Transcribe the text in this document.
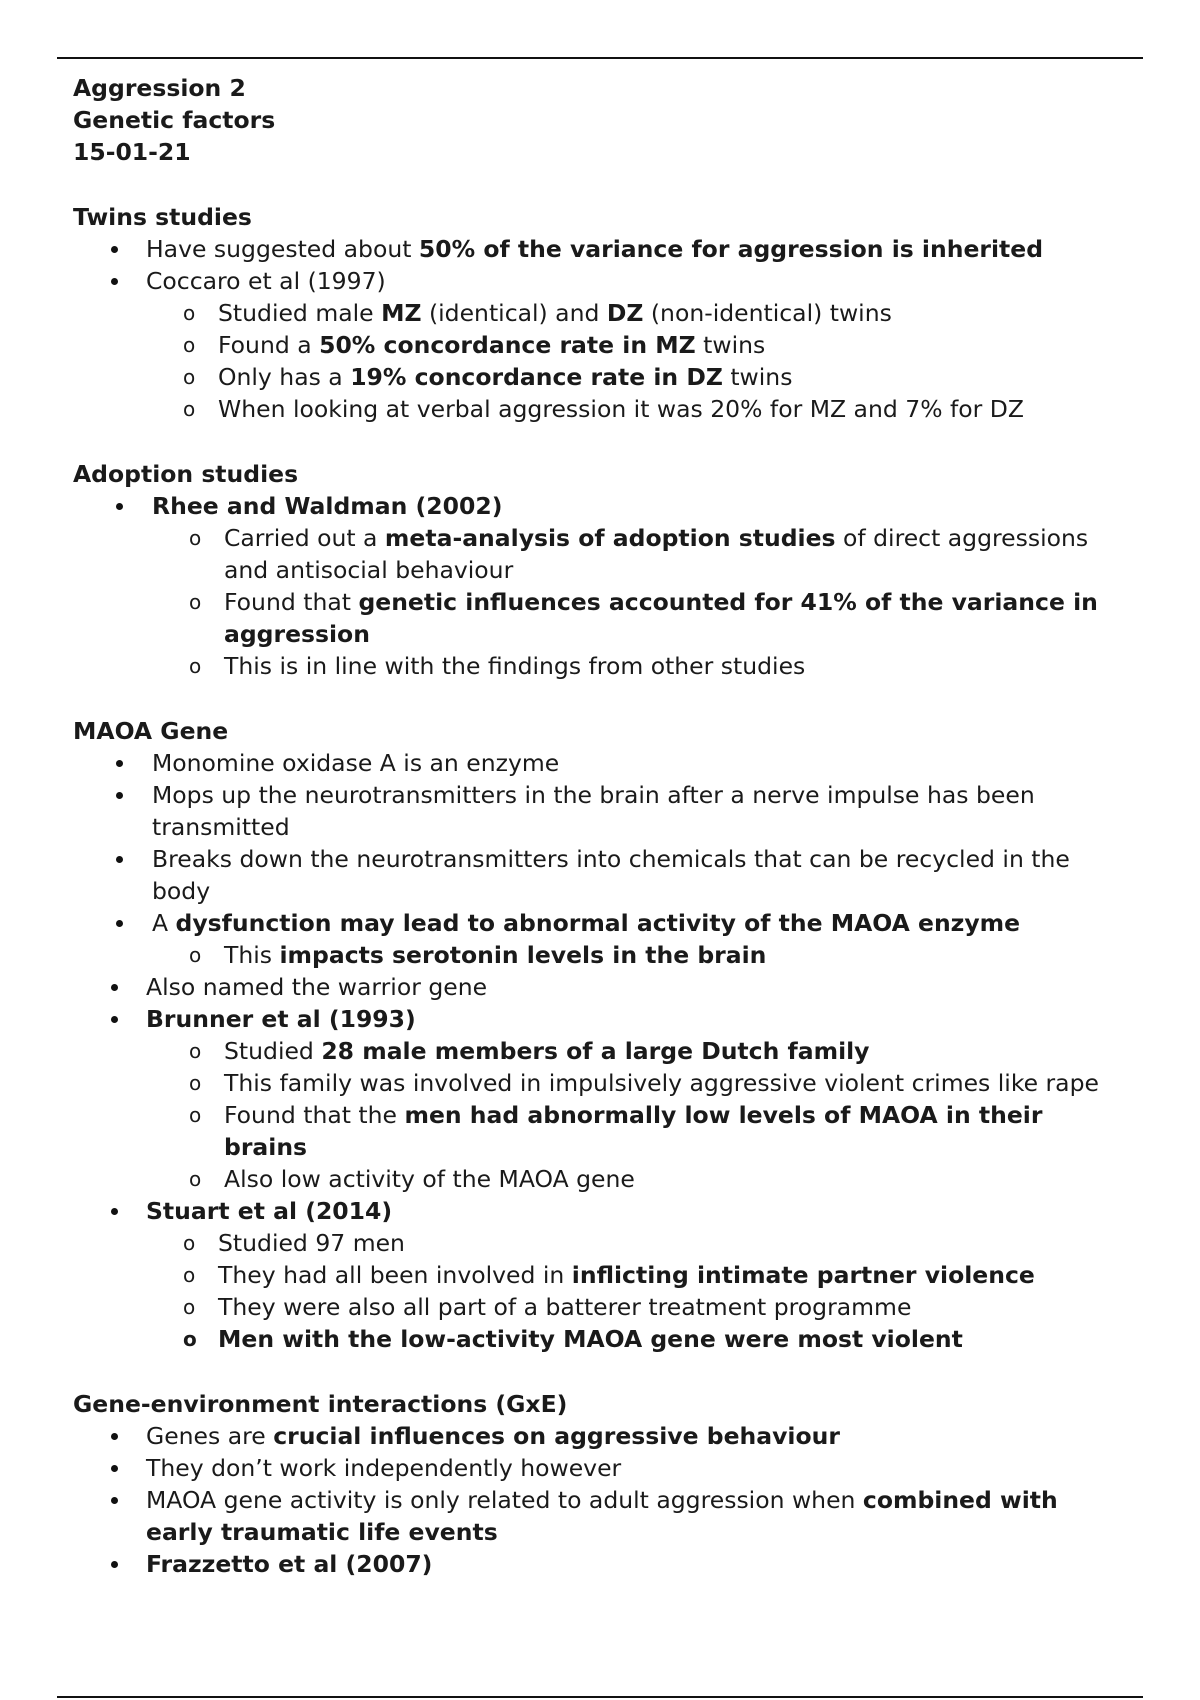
Aggression 2
Genetic factors
15-01-21
Twins studies
Have suggested about 50% of the variance for aggression is inherited
Coccaro et al (1997)
o Studied male MZ (identical) and DZ (non-identical) twins
o Found a 50% concordance rate in MZ twins
o Only has a 19% concordance rate in DZ twins
o When looking at verbal aggression it was 20% for MZ and 7% for DZ
Adoption studies
Rhee and Waldman (2002)
o Carried out a meta-analysis of adoption studies of direct aggressions
and antisocial behaviour
o Found that genetic influences accounted for 41% of the variance in
aggression
o This is in line with the findings from other studies
MAOA Gene
Monomine oxidase A is an enzyme
Mops up the neurotransmitters in the brain after a nerve impulse has been
transmitted
Breaks down the neurotransmitters into chemicals that can be recycled in the
body
A dysfunction may lead to abnormal activity of the MAOA enzyme
o This impacts serotonin levels in the brain
Also named the warrior gene
Brunner et al (1993)
o Studied 28 male members of a large Dutch family
o This family was involved in impulsively aggressive violent crimes like rape
o Found that the men had abnormally low levels of MAOA in their
brains
o Also low activity of the MAOA gene
Stuart et al (2014)
o Studied 97 men
o They had all been involved in inflicting intimate partner violence
o They were also all part of a batterer treatment programme
o Men with the low-activity MAOA gene were most violent
Gene-environment interactions (GxE)
Genes are crucial influences on aggressive behaviour
They don’t work independently however
MAOA gene activity is only related to adult aggression when combined with
early traumatic life events
Frazzetto et al (2007)
